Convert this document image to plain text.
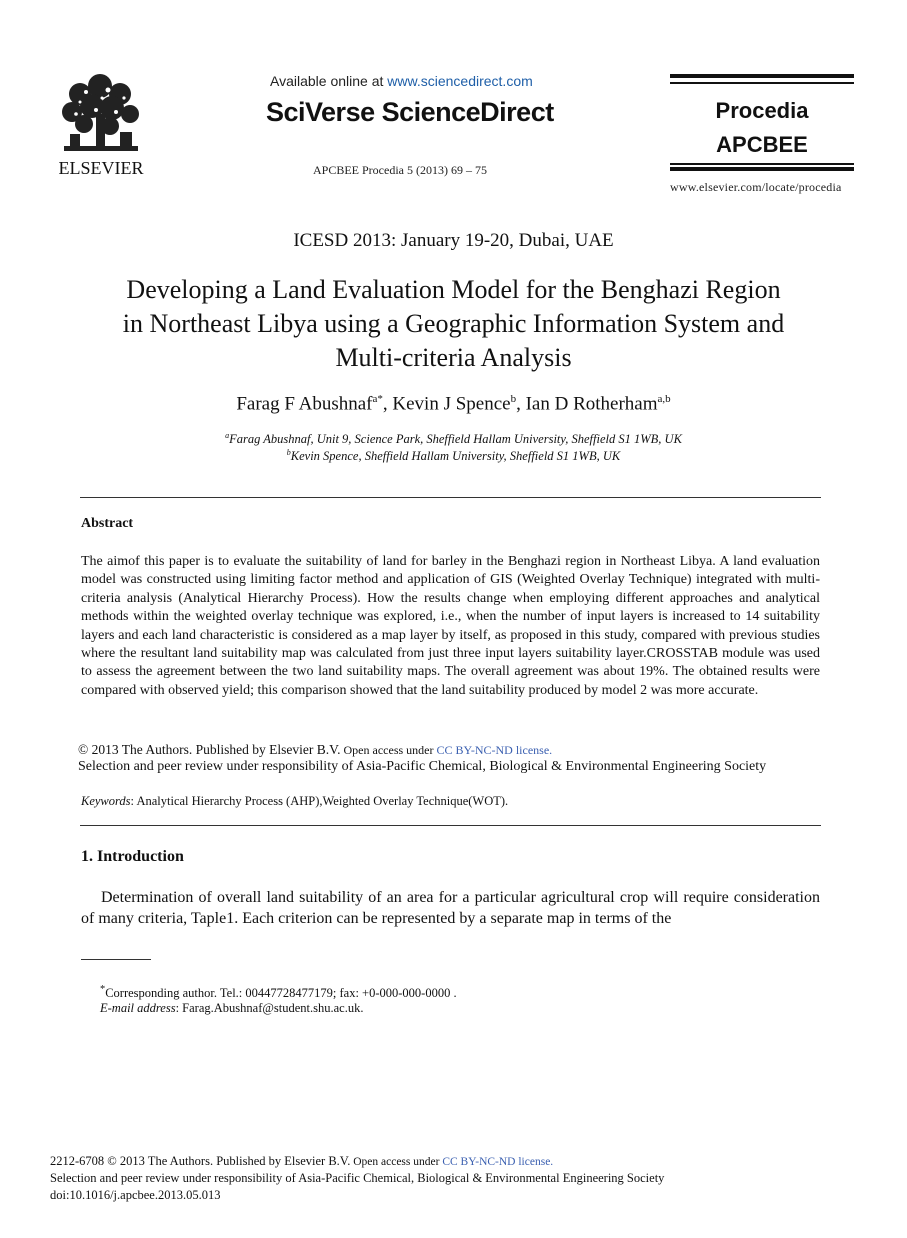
ELSEVIER
Available online at www.sciencedirect.com
SciVerse ScienceDirect
APCBEE Procedia 5 (2013) 69 – 75
Procedia
APCBEE
www.elsevier.com/locate/procedia
ICESD 2013: January 19-20, Dubai, UAE
Developing a Land Evaluation Model for the Benghazi Region
in Northeast Libya using a Geographic Information System and
Multi-criteria Analysis
Farag F Abushnaf$^{a*}$, Kevin J Spence$^b$, Ian D Rotherham$^{a,b}$
$^a$Farag Abushnaf, Unit 9, Science Park, Sheffield Hallam University, Sheffield S1 1WB, UK
$^b$Kevin Spence, Sheffield Hallam University, Sheffield S1 1WB, UK
Abstract
The aimof this paper is to evaluate the suitability of land for barley in the Benghazi region in Northeast Libya. A land evaluation model was constructed using limiting factor method and application of GIS (Weighted Overlay Technique) integrated with multi-criteria analysis (Analytical Hierarchy Process). How the results change when employing different approaches and analytical methods within the weighted overlay technique was explored, i.e., when the number of input layers is increased to 14 suitability layers and each land characteristic is considered as a map layer by itself, as proposed in this study, compared with previous studies where the resultant land suitability map was calculated from just three input layers suitability layer.CROSSTAB module was used to assess the agreement between the two land suitability maps. The overall agreement was about 19%. The obtained results were compared with observed yield; this comparison showed that the land suitability produced by model 2 was more accurate.
© 2013 The Authors. Published by Elsevier B.V. Open access under CC BY-NC-ND license.
Selection and peer review under responsibility of Asia-Pacific Chemical, Biological & Environmental Engineering Society
Keywords: Analytical Hierarchy Process (AHP),Weighted Overlay Technique(WOT).
1. Introduction
Determination of overall land suitability of an area for a particular agricultural crop will require consideration of many criteria, Taple1. Each criterion can be represented by a separate map in terms of the
*Corresponding author. Tel.: 00447728477179; fax: +0-000-000-0000 .
E-mail address: Farag.Abushnaf@student.shu.ac.uk.
2212-6708 © 2013 The Authors. Published by Elsevier B.V. Open access under CC BY-NC-ND license.
Selection and peer review under responsibility of Asia-Pacific Chemical, Biological & Environmental Engineering Society
doi:10.1016/j.apcbee.2013.05.013
